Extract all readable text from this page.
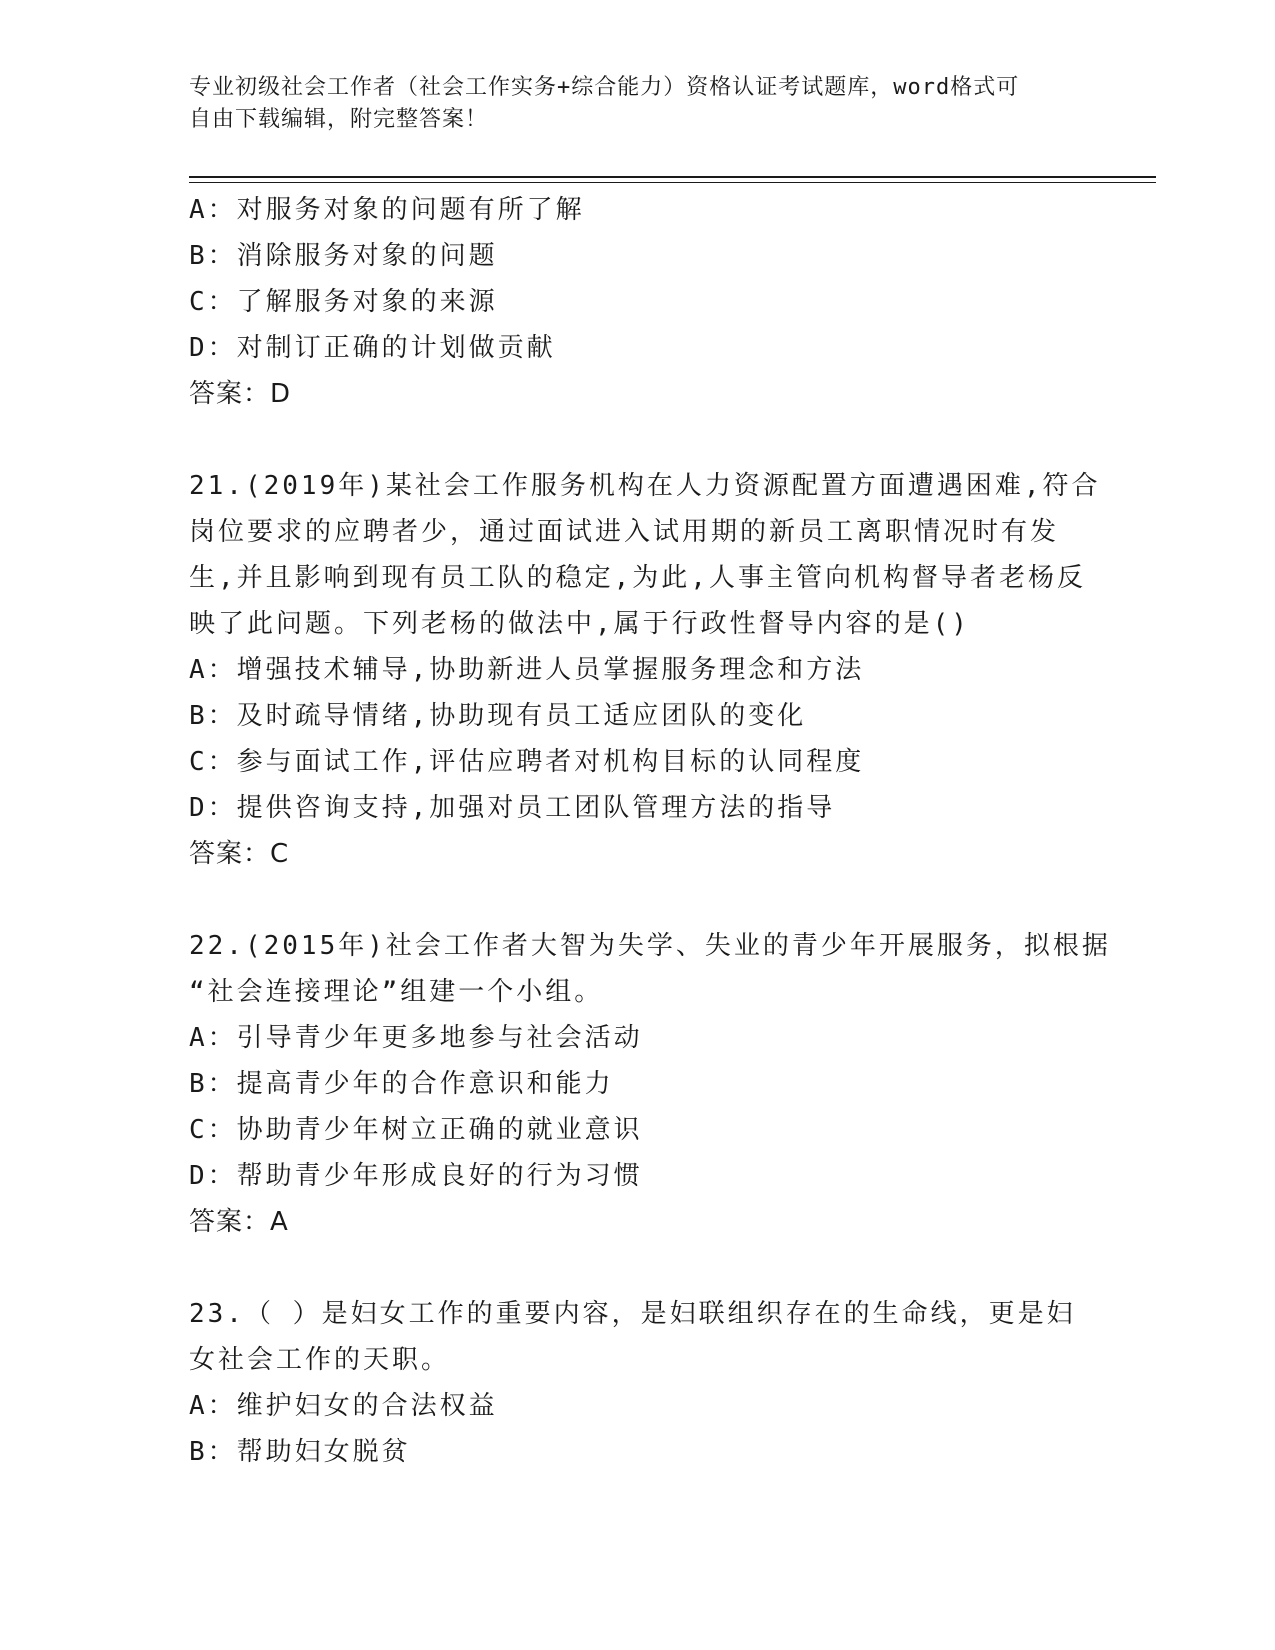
专业初级社会工作者（社会工作实务+综合能力）资格认证考试题库，word格式可
自由下载编辑，附完整答案！
A：对服务对象的问题有所了解
B：消除服务对象的问题
C：了解服务对象的来源
D：对制订正确的计划做贡献
答案：D
21.(2019年)某社会工作服务机构在人力资源配置方面遭遇困难,符合
岗位要求的应聘者少，通过面试进入试用期的新员工离职情况时有发
生,并且影响到现有员工队的稳定,为此,人事主管向机构督导者老杨反
映了此问题。下列老杨的做法中,属于行政性督导内容的是()
A：增强技术辅导,协助新进人员掌握服务理念和方法
B：及时疏导情绪,协助现有员工适应团队的变化
C：参与面试工作,评估应聘者对机构目标的认同程度
D：提供咨询支持,加强对员工团队管理方法的指导
答案：C
22.(2015年)社会工作者大智为失学、失业的青少年开展服务，拟根据
“社会连接理论”组建一个小组。
A：引导青少年更多地参与社会活动
B：提高青少年的合作意识和能力
C：协助青少年树立正确的就业意识
D：帮助青少年形成良好的行为习惯
答案：A
23.（ ）是妇女工作的重要内容，是妇联组织存在的生命线，更是妇
女社会工作的天职。
A：维护妇女的合法权益
B：帮助妇女脱贫
